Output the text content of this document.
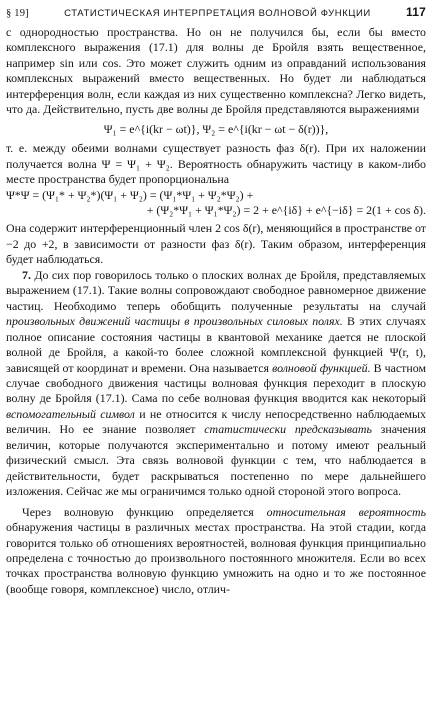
§ 19]	СТАТИСТИЧЕСКАЯ ИНТЕРПРЕТАЦИЯ ВОЛНОВОЙ ФУНКЦИИ	117

с однородностью пространства. Но он не получился бы, если бы вместо комплексного выражения (17.1) для волны де Бройля взять вещественное, например sin или cos. Это может служить одним из оправданий использования комплексных выражений вместо вещественных. Но будет ли наблюдаться интерференция волн, если каждая из них существенно комплексна? Легко видеть, что да. Действительно, пусть две волны де Бройля представляются выражениями

Ψ₁ = e^{i(kr − ωt)}, Ψ₂ = e^{i(kr − ωt − δ(r))},

т. е. между обеими волнами существует разность фаз δ(r). При их наложении получается волна Ψ = Ψ₁ + Ψ₂. Вероятность обнаружить частицу в каком-либо месте пространства будет пропорциональна

Ψ*Ψ = (Ψ₁* + Ψ₂*)(Ψ₁ + Ψ₂) = (Ψ₁*Ψ₁ + Ψ₂*Ψ₂) +
+ (Ψ₂*Ψ₁ + Ψ₁*Ψ₂) = 2 + e^{iδ} + e^{−iδ} = 2(1 + cos δ).

Она содержит интерференционный член 2 cos δ(r), меняющийся в пространстве от −2 до +2, в зависимости от разности фаз δ(r). Таким образом, интерференция будет наблюдаться.

7. До сих пор говорилось только о плоских волнах де Бройля, представляемых выражением (17.1). Такие волны сопровождают свободное равномерное движение частиц. Необходимо теперь обобщить полученные результаты на случай произвольных движений частицы в произвольных силовых полях. В этих случаях полное описание состояния частицы в квантовой механике дается не плоской волной де Бройля, а какой-то более сложной комплексной функцией Ψ(r, t), зависящей от координат и времени. Она называется волновой функцией. В частном случае свободного движения частицы волновая функция переходит в плоскую волну де Бройля (17.1). Сама по себе волновая функция вводится как некоторый вспомогательный символ и не относится к числу непосредственно наблюдаемых величин. Но ее знание позволяет статистически предсказывать значения величин, которые получаются экспериментально и потому имеют реальный физический смысл. Эта связь волновой функции с тем, что наблюдается в действительности, будет раскрываться постепенно по мере дальнейшего изложения. Сейчас же мы ограничимся только одной стороной этого вопроса.

Через волновую функцию определяется относительная вероятность обнаружения частицы в различных местах пространства. На этой стадии, когда говорится только об отношениях вероятностей, волновая функция принципиально определена с точностью до произвольного постоянного множителя. Если во всех точках пространства волновую функцию умножить на одно и то же постоянное (вообще говоря, комплексное) число, отлич-
